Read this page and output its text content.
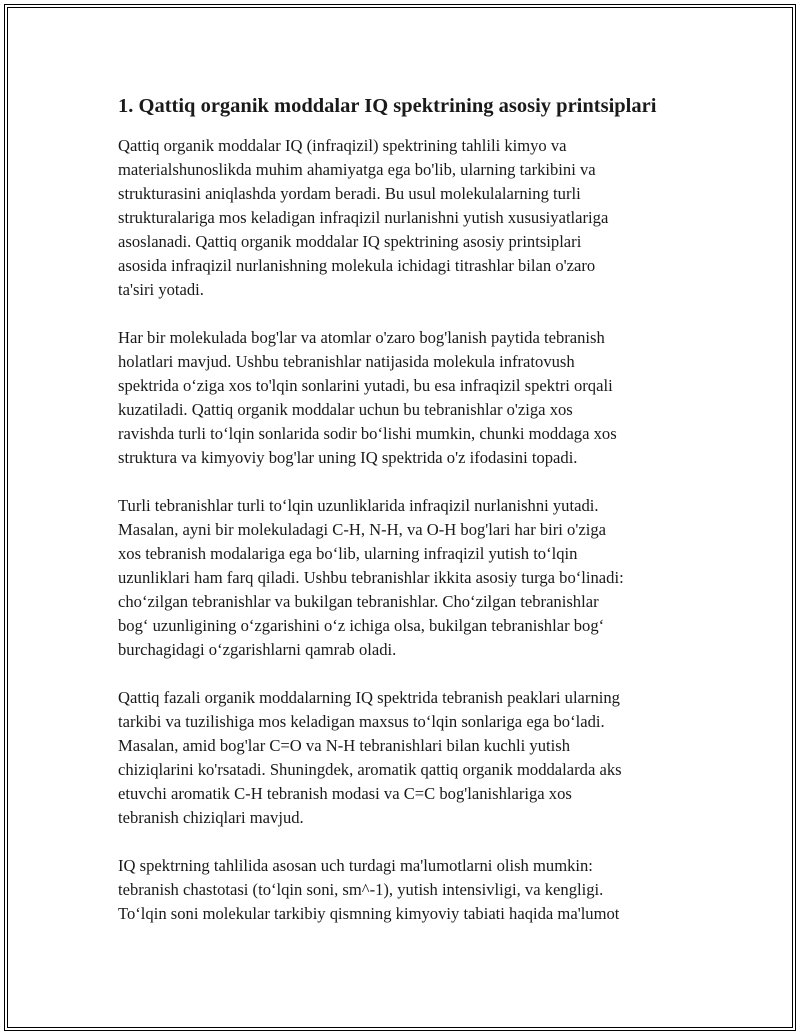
1. Qattiq organik moddalar IQ spektrining asosiy printsiplari

Qattiq organik moddalar IQ (infraqizil) spektrining tahlili kimyo va
materialshunoslikda muhim ahamiyatga ega bo'lib, ularning tarkibini va
strukturasini aniqlashda yordam beradi. Bu usul molekulalarning turli
strukturalariga mos keladigan infraqizil nurlanishni yutish xususiyatlariga
asoslanadi. Qattiq organik moddalar IQ spektrining asosiy printsiplari
asosida infraqizil nurlanishning molekula ichidagi titrashlar bilan o'zaro
ta'siri yotadi.

Har bir molekulada bog'lar va atomlar o'zaro bog'lanish paytida tebranish
holatlari mavjud. Ushbu tebranishlar natijasida molekula infratovush
spektrida o‘ziga xos to'lqin sonlarini yutadi, bu esa infraqizil spektri orqali
kuzatiladi. Qattiq organik moddalar uchun bu tebranishlar o'ziga xos
ravishda turli to‘lqin sonlarida sodir bo‘lishi mumkin, chunki moddaga xos
struktura va kimyoviy bog'lar uning IQ spektrida o'z ifodasini topadi.

Turli tebranishlar turli to‘lqin uzunliklarida infraqizil nurlanishni yutadi.
Masalan, ayni bir molekuladagi C-H, N-H, va O-H bog'lari har biri o'ziga
xos tebranish modalariga ega bo‘lib, ularning infraqizil yutish to‘lqin
uzunliklari ham farq qiladi. Ushbu tebranishlar ikkita asosiy turga bo‘linadi:
cho‘zilgan tebranishlar va bukilgan tebranishlar. Cho‘zilgan tebranishlar
bog‘ uzunligining o‘zgarishini o‘z ichiga olsa, bukilgan tebranishlar bog‘
burchagidagi o‘zgarishlarni qamrab oladi.

Qattiq fazali organik moddalarning IQ spektrida tebranish peaklari ularning
tarkibi va tuzilishiga mos keladigan maxsus to‘lqin sonlariga ega bo‘ladi.
Masalan, amid bog'lar C=O va N-H tebranishlari bilan kuchli yutish
chiziqlarini ko'rsatadi. Shuningdek, aromatik qattiq organik moddalarda aks
etuvchi aromatik C-H tebranish modasi va C=C bog'lanishlariga xos
tebranish chiziqlari mavjud.

IQ spektrning tahlilida asosan uch turdagi ma'lumotlarni olish mumkin:
tebranish chastotasi (to‘lqin soni, sm^-1), yutish intensivligi, va kengligi.
To‘lqin soni molekular tarkibiy qismning kimyoviy tabiati haqida ma'lumot
